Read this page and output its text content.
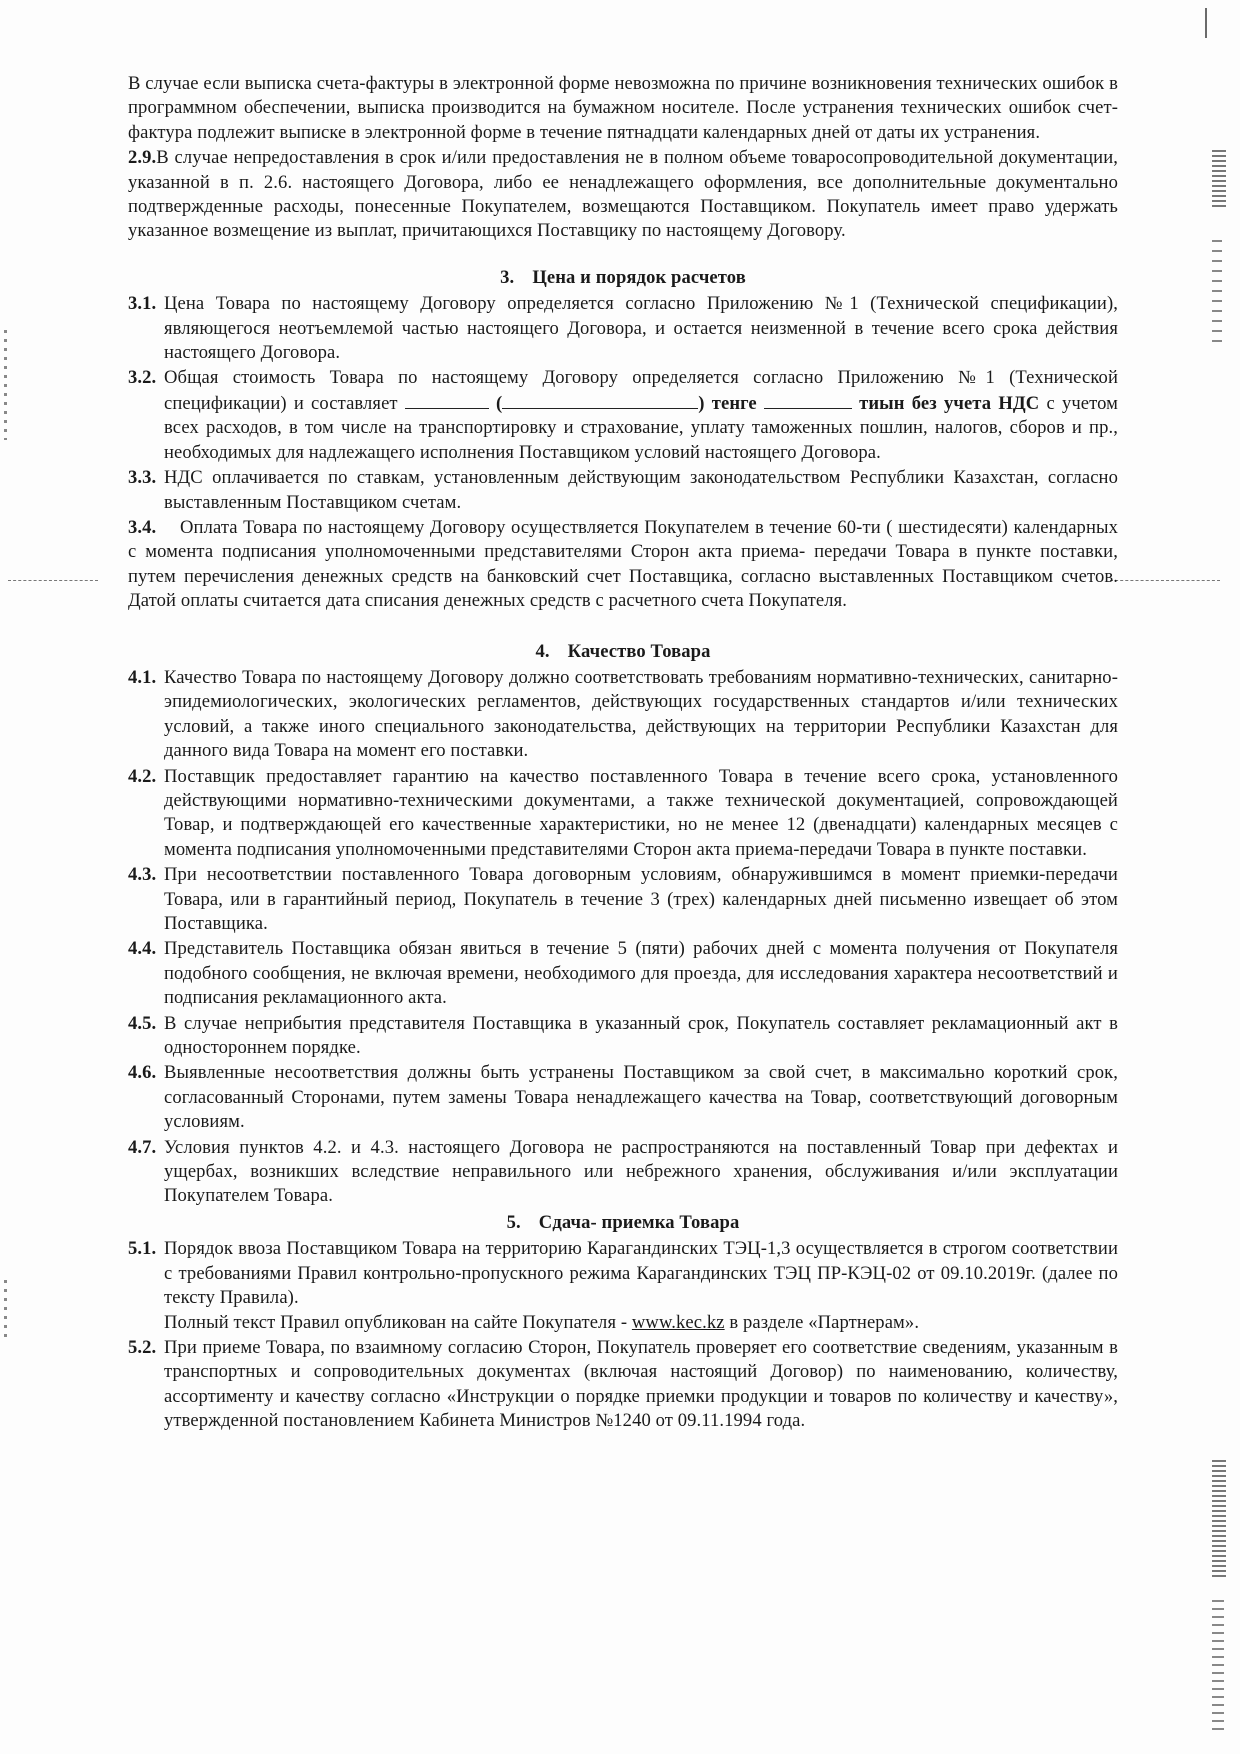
В случае если выписка счета-фактуры в электронной форме невозможна по причине возникновения технических ошибок в программном обеспечении, выписка производится на бумажном носителе. После устранения технических ошибок счет-фактура подлежит выписке в электронной форме в течение пятнадцати календарных дней от даты их устранения.

2.9.В случае непредоставления в срок и/или предоставления не в полном объеме товаросопроводительной документации, указанной в п. 2.6. настоящего Договора, либо ее ненадлежащего оформления, все дополнительные документально подтвержденные расходы, понесенные Покупателем, возмещаются Поставщиком. Покупатель имеет право удержать указанное возмещение из выплат, причитающихся Поставщику по настоящему Договору.

3. Цена и порядок расчетов

3.1. Цена Товара по настоящему Договору определяется согласно Приложению №1 (Технической спецификации), являющегося неотъемлемой частью настоящего Договора, и остается неизменной в течение всего срока действия настоящего Договора.
3.2. Общая стоимость Товара по настоящему Договору определяется согласно Приложению №1 (Технической спецификации) и составляет	(	) тенге	тиын без учета НДС с учетом всех расходов, в том числе на транспортировку и страхование, уплату таможенных пошлин, налогов, сборов и пр., необходимых для надлежащего исполнения Поставщиком условий настоящего Договора.
3.3. НДС оплачивается по ставкам, установленным действующим законодательством Республики Казахстан, согласно выставленным Поставщиком счетам.
3.4. Оплата Товара по настоящему Договору осуществляется Покупателем в течение 60-ти ( шестидесяти) календарных с момента подписания уполномоченными представителями Сторон акта приема- передачи Товара в пункте поставки, путем перечисления денежных средств на банковский счет Поставщика, согласно выставленных Поставщиком счетов. Датой оплаты считается дата списания денежных средств с расчетного счета Покупателя.

4. Качество Товара

4.1. Качество Товара по настоящему Договору должно соответствовать требованиям нормативно-технических, санитарно-эпидемиологических, экологических регламентов, действующих государственных стандартов и/или технических условий, а также иного специального законодательства, действующих на территории Республики Казахстан для данного вида Товара на момент его поставки.
4.2. Поставщик предоставляет гарантию на качество поставленного Товара в течение всего срока, установленного действующими нормативно-техническими документами, а также технической документацией, сопровождающей Товар, и подтверждающей его качественные характеристики, но не менее 12 (двенадцати) календарных месяцев с момента подписания уполномоченными представителями Сторон акта приема-передачи Товара в пункте поставки.
4.3. При несоответствии поставленного Товара договорным условиям, обнаружившимся в момент приемки-передачи Товара, или в гарантийный период, Покупатель в течение 3 (трех) календарных дней письменно извещает об этом Поставщика.
4.4. Представитель Поставщика обязан явиться в течение 5 (пяти) рабочих дней с момента получения от Покупателя подобного сообщения, не включая времени, необходимого для проезда, для исследования характера несоответствий и подписания рекламационного акта.
4.5. В случае неприбытия представителя Поставщика в указанный срок, Покупатель составляет рекламационный акт в одностороннем порядке.
4.6. Выявленные несоответствия должны быть устранены Поставщиком за свой счет, в максимально короткий срок, согласованный Сторонами, путем замены Товара ненадлежащего качества на Товар, соответствующий договорным условиям.
4.7. Условия пунктов 4.2. и 4.3. настоящего Договора не распространяются на поставленный Товар при дефектах и ущербах, возникших вследствие неправильного или небрежного хранения, обслуживания и/или эксплуатации Покупателем Товара.

5. Сдача- приемка Товара

5.1. Порядок ввоза Поставщиком Товара на территорию Карагандинских ТЭЦ-1,3 осуществляется в строгом соответствии с требованиями Правил контрольно-пропускного режима Карагандинских ТЭЦ ПР-КЭЦ-02 от 09.10.2019г. (далее по тексту Правила).
Полный текст Правил опубликован на сайте Покупателя - www.kec.kz в разделе «Партнерам».
5.2. При приеме Товара, по взаимному согласию Сторон, Покупатель проверяет его соответствие сведениям, указанным в транспортных и сопроводительных документах (включая настоящий Договор) по наименованию, количеству, ассортименту и качеству согласно «Инструкции о порядке приемки продукции и товаров по количеству и качеству», утвержденной постановлением Кабинета Министров №1240 от 09.11.1994 года.
